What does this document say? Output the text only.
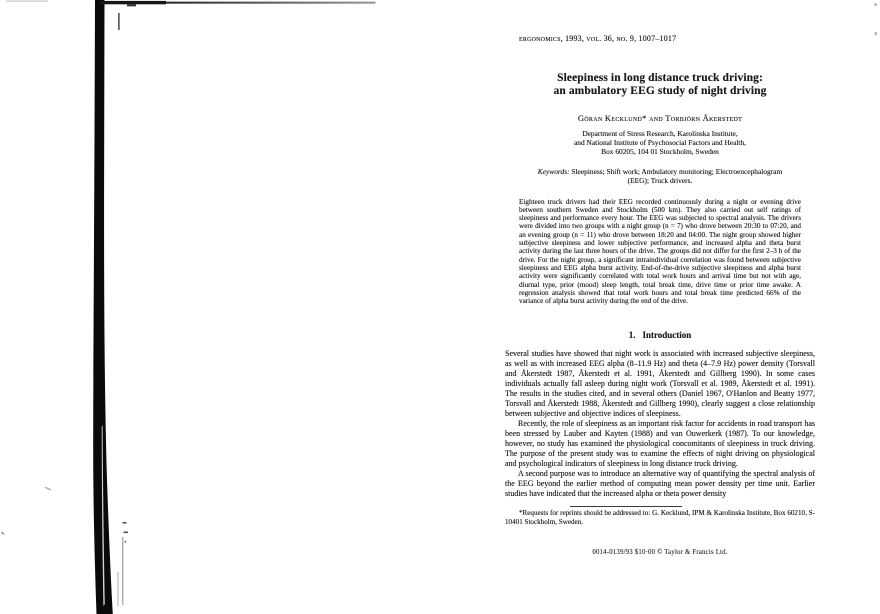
ergonomics, 1993, vol. 36, no. 9, 1007–1017
Sleepiness in long distance truck driving:
an ambulatory EEG study of night driving
Göran Kecklund* and Torbjörn Åkerstedt
Department of Stress Research, Karolinska Institute,
and National Institute of Psychosocial Factors and Health,
Box 60205, 104 01 Stockholm, Sweden
Keywords: Sleepiness; Shift work; Ambulatory monitoring; Electroencephalogram
(EEG); Truck drivers.
Eighteen truck drivers had their EEG recorded continuously during a night or evening drive between southern Sweden and Stockholm (500 km). They also carried out self ratings of sleepiness and performance every hour. The EEG was subjected to spectral analysis. The drivers were divided into two groups with a night group (n = 7) who drove between 20:30 to 07:20, and an evening group (n = 11) who drove between 18:20 and 04:00. The night group showed higher subjective sleepiness and lower subjective performance, and increased alpha and theta burst activity during the last three hours of the drive. The groups did not differ for the first 2–3 h of the drive. For the night group, a significant intraindividual correlation was found between subjective sleepiness and EEG alpha burst activity. End-of-the-drive subjective sleepiness and alpha burst activity were significantly correlated with total work hours and arrival time but not with age, diurnal type, prior (mood) sleep length, total break time, drive time or prior time awake. A regression analysis showed that total work hours and total break time predicted 66% of the variance of alpha burst activity during the end of the drive.
1. Introduction

Several studies have showed that night work is associated with increased subjective sleepiness, as well as with increased EEG alpha (8–11.9 Hz) and theta (4–7.9 Hz) power density (Torsvall and Åkerstedt 1987, Åkerstedt et al. 1991, Åkerstedt and Gillberg 1990). In some cases individuals actually fall asleep during night work (Torsvall et al. 1989, Åkerstedt et al. 1991). The results in the studies cited, and in several others (Daniel 1967, O'Hanlon and Beatty 1977, Torsvall and Åkerstedt 1988, Åkerstedt and Gillberg 1990), clearly suggest a close relationship between subjective and objective indices of sleepiness.

Recently, the role of sleepiness as an important risk factor for accidents in road transport has been stressed by Lauber and Kayten (1988) and van Ouwerkerk (1987). To our knowledge, however, no study has examined the physiological concomitants of sleepiness in truck driving. The purpose of the present study was to examine the effects of night driving on physiological and psychological indicators of sleepiness in long distance truck driving.

A second purpose was to introduce an alternative way of quantifying the spectral analysis of the EEG beyond the earlier method of computing mean power density per time unit. Earlier studies have indicated that the increased alpha or theta power density

*Requests for reprints should be addressed to: G. Kecklund, IPM & Karolinska Institute, Box 60210, S-10401 Stockholm, Sweden.
0014-0139/93 $10·00 © Taylor & Francis Ltd.
